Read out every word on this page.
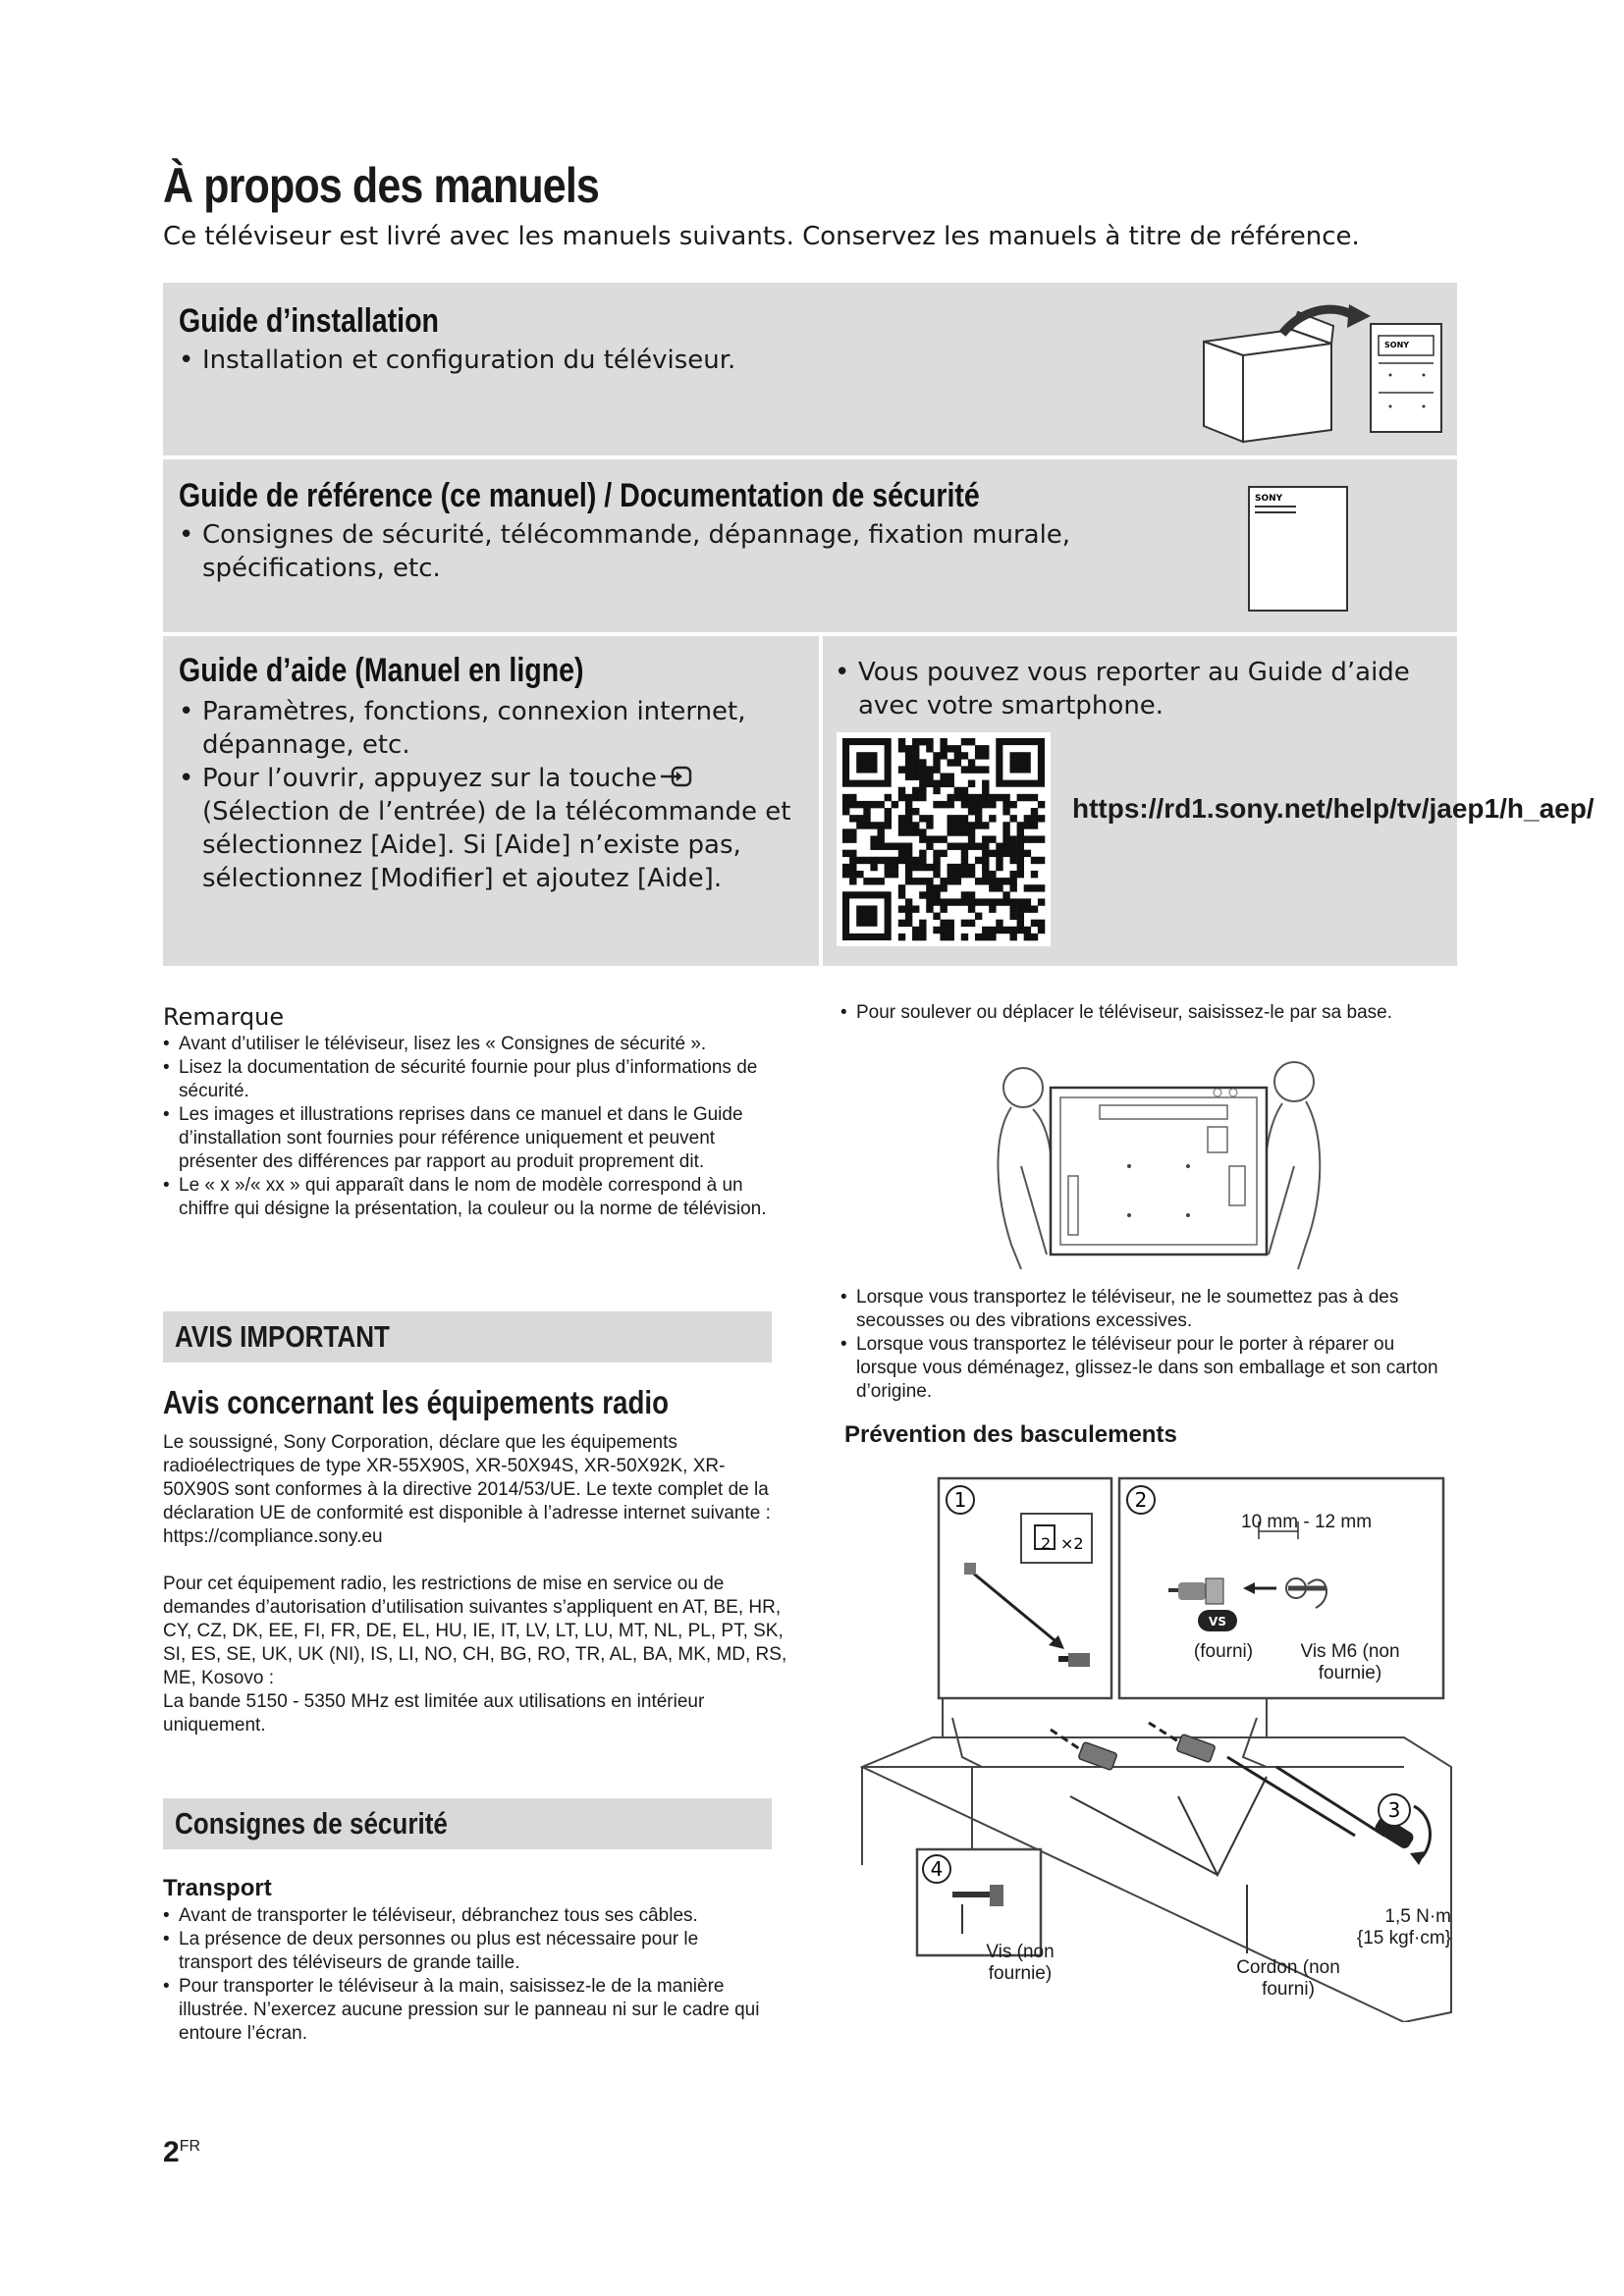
À propos des manuels
Ce téléviseur est livré avec les manuels suivants. Conservez les manuels à titre de référence.
Guide d’installation
• Installation et configuration du téléviseur.
SONY
Guide de référence (ce manuel) / Documentation de sécurité
• Consignes de sécurité, télécommande, dépannage, fixation murale, spécifications, etc.
SONY
Guide d’aide (Manuel en ligne)
• Paramètres, fonctions, connexion internet, dépannage, etc.
• Pour l’ouvrir, appuyez sur la touche (Sélection de l’entrée) de la télécommande et sélectionnez [Aide]. Si [Aide] n’existe pas, sélectionnez [Modifier] et ajoutez [Aide].
• Vous pouvez vous reporter au Guide d’aide avec votre smartphone.
https://rd1.sony.net/help/tv/jaep1/h_aep/
Remarque
• Avant d’utiliser le téléviseur, lisez les « Consignes de sécurité ».
• Lisez la documentation de sécurité fournie pour plus d’informations de sécurité.
• Les images et illustrations reprises dans ce manuel et dans le Guide d’installation sont fournies pour référence uniquement et peuvent présenter des différences par rapport au produit proprement dit.
• Le « x »/« xx » qui apparaît dans le nom de modèle correspond à un chiffre qui désigne la présentation, la couleur ou la norme de télévision.
AVIS IMPORTANT
Avis concernant les équipements radio

Le soussigné, Sony Corporation, déclare que les équipements radioélectriques de type XR-55X90S, XR-50X94S, XR-50X92K, XR-50X90S sont conformes à la directive 2014/53/UE. Le texte complet de la déclaration UE de conformité est disponible à l’adresse internet suivante :

https://compliance.sony.eu

Pour cet équipement radio, les restrictions de mise en service ou de demandes d’autorisation d’utilisation suivantes s’appliquent en AT, BE, HR, CY, CZ, DK, EE, FI, FR, DE, EL, HU, IE, IT, LV, LT, LU, MT, NL, PL, PT, SK, SI, ES, SE, UK, UK (NI), IS, LI, NO, CH, BG, RO, TR, AL, BA, MK, MD, RS, ME, Kosovo :

La bande 5150 - 5350 MHz est limitée aux utilisations en intérieur uniquement.

Consignes de sécurité
Transport
• Avant de transporter le téléviseur, débranchez tous ses câbles.
• La présence de deux personnes ou plus est nécessaire pour le transport des téléviseurs de grande taille.
• Pour transporter le téléviseur à la main, saisissez-le de la manière illustrée. N’exercez aucune pression sur le panneau ni sur le cadre qui entoure l’écran.
• Pour soulever ou déplacer le téléviseur, saisissez-le par sa base.
• Lorsque vous transportez le téléviseur, ne le soumettez pas à des secousses ou des vibrations excessives.
• Lorsque vous transportez le téléviseur pour le porter à réparer ou lorsque vous déménagez, glissez-le dans son emballage et son carton d’origine.
Prévention des basculements
1	2
3
4
2 ×2
10 mm - 12 mm
VS
(fourni)	Vis M6 (non fournie)
1,5 N·m
{15 kgf·cm}
Vis (non fournie)	Cordon (non fourni)
$2^{FR}$
